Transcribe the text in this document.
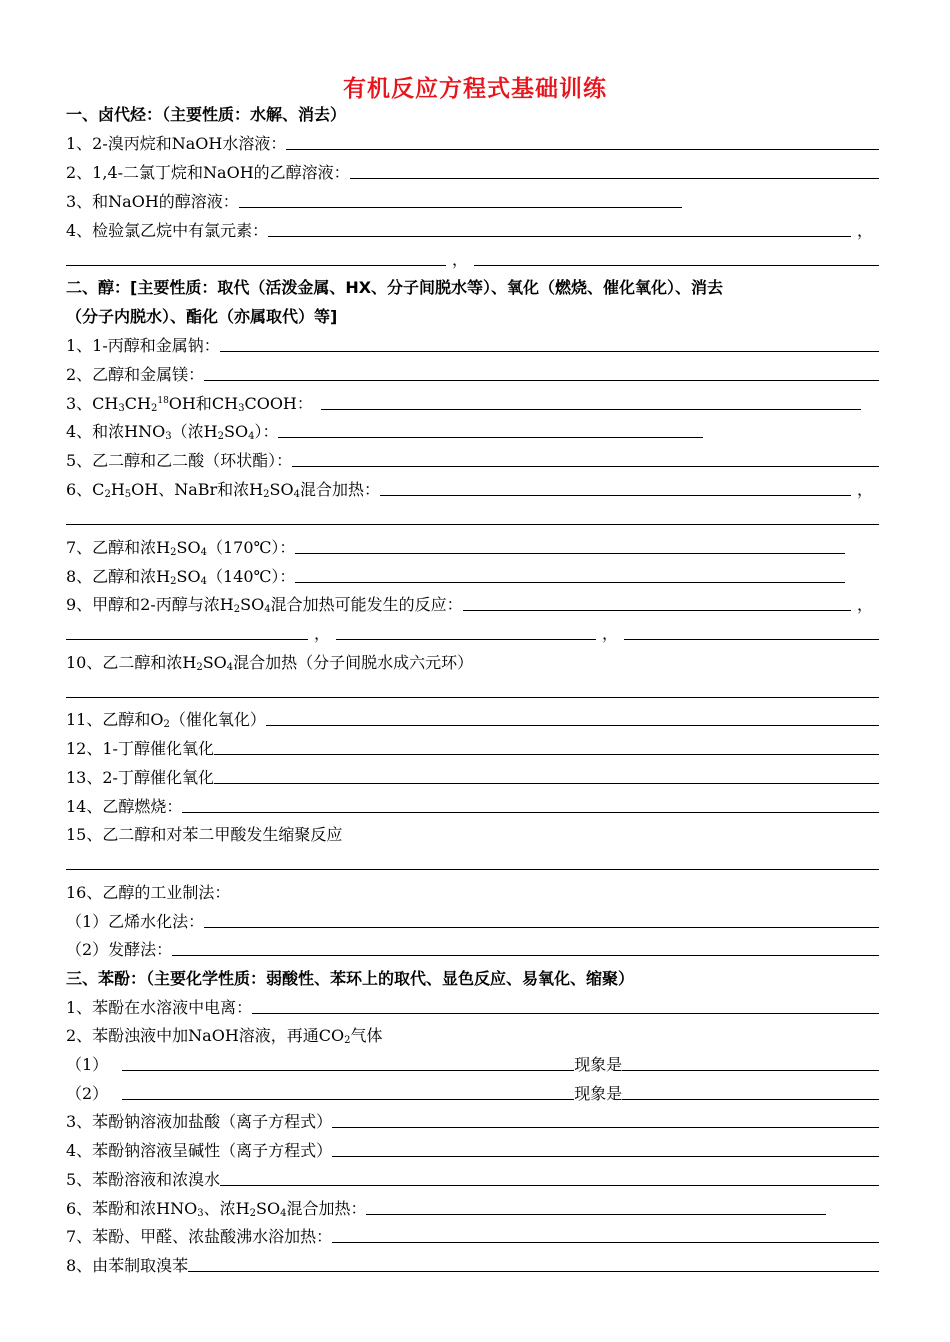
有机反应方程式基础训练
一、卤代烃：（主要性质：水解、消去）
1、2-溴丙烷和NaOH水溶液：
2、1,4-二氯丁烷和NaOH的乙醇溶液：
3、和NaOH的醇溶液：
4、检验氯乙烷中有氯元素：	，
，
二、醇：[主要性质：取代（活泼金属、HX、分子间脱水等）、氧化（燃烧、催化氧化）、消去
（分子内脱水）、酯化（亦属取代）等]
1、1-丙醇和金属钠：
2、乙醇和金属镁：
3、$CH_3CH_2^{18}OH$和$CH_3COOH$：
4、和浓$HNO_3$（浓$H_2SO_4$）：
5、乙二醇和乙二酸（环状酯）：
6、$C_2H_5OH$、NaBr和浓$H_2SO_4$混合加热：	，
7、乙醇和浓$H_2SO_4(170℃)$：
8、乙醇和浓$H_2SO_4(140℃)$：
9、甲醇和2-丙醇与浓$H_2SO_4$混合加热可能发生的反应：	，
，	，
10、乙二醇和浓$H_2SO_4$混合加热（分子间脱水成六元环）
11、乙醇和$O_2$（催化氧化）
12、1-丁醇催化氧化
13、2-丁醇催化氧化
14、乙醇燃烧：
15、乙二醇和对苯二甲酸发生缩聚反应
16、乙醇的工业制法：
（1）乙烯水化法：
（2）发酵法：
三、苯酚：（主要化学性质：弱酸性、苯环上的取代、显色反应、易氧化、缩聚）
1、苯酚在水溶液中电离：
2、苯酚浊液中加NaOH溶液，再通$CO_2$气体
（1）	现象是
（2）	现象是
3、苯酚钠溶液加盐酸（离子方程式）
4、苯酚钠溶液呈碱性（离子方程式）
5、苯酚溶液和浓溴水
6、苯酚和浓$HNO_3$、浓$H_2SO_4$混合加热：
7、苯酚、甲醛、浓盐酸沸水浴加热：
8、由苯制取溴苯
